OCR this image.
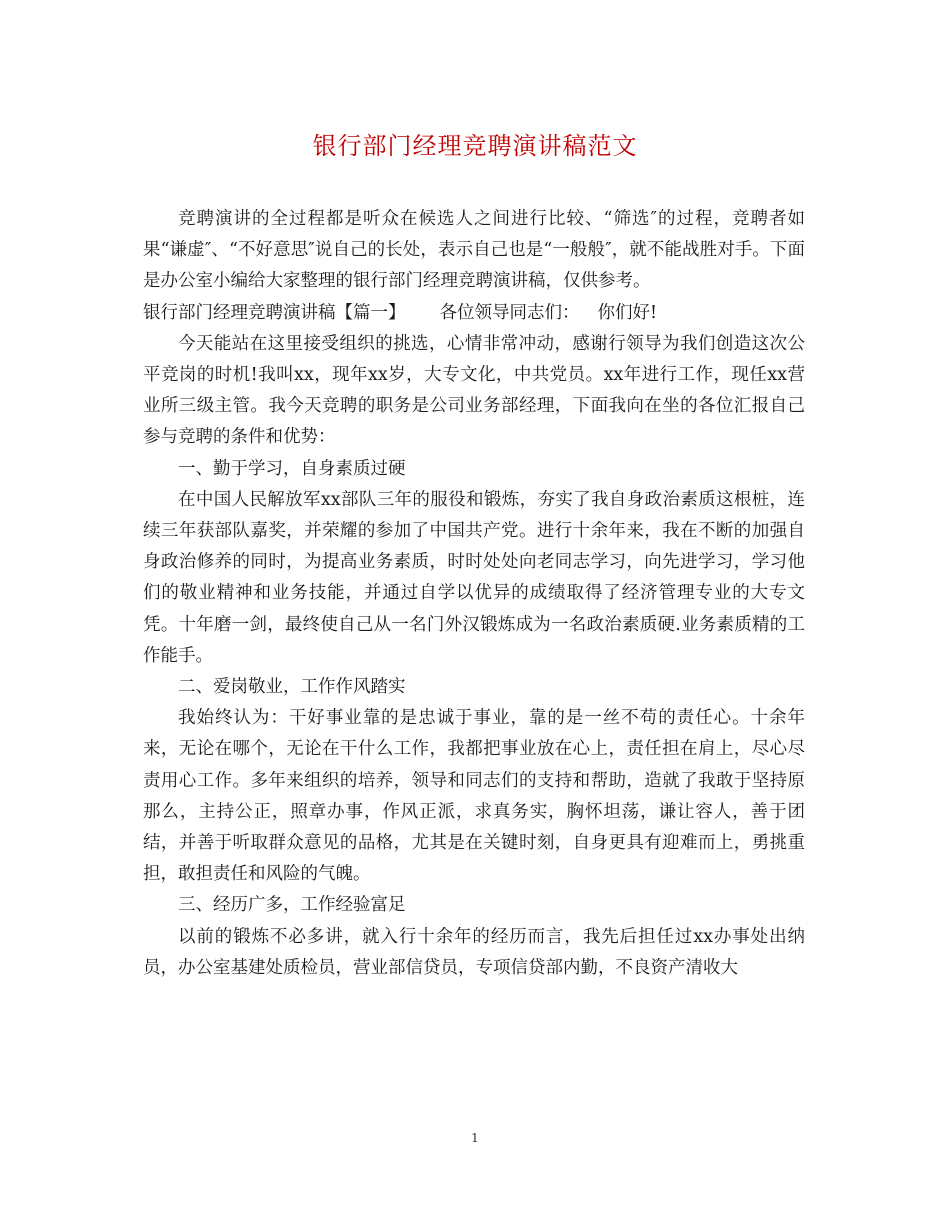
银行部门经理竞聘演讲稿范文

竞聘演讲的全过程都是听众在候选人之间进行比较、“筛选″的过程，竞聘者如果“谦虚″、“不好意思″说自己的长处，表示自己也是“一般般″，就不能战胜对手。下面是办公室小编给大家整理的银行部门经理竞聘演讲稿，仅供参考。

银行部门经理竞聘演讲稿【篇一】 各位领导同志们： 你们好!

今天能站在这里接受组织的挑选，心情非常冲动，感谢行领导为我们创造这次公平竞岗的时机!我叫xx，现年xx岁，大专文化，中共党员。xx年进行工作，现任xx营业所三级主管。我今天竞聘的职务是公司业务部经理，下面我向在坐的各位汇报自己参与竞聘的条件和优势：

一、勤于学习，自身素质过硬

在中国人民解放军xx部队三年的服役和锻炼，夯实了我自身政治素质这根桩，连续三年获部队嘉奖，并荣耀的参加了中国共产党。进行十余年来，我在不断的加强自身政治修养的同时，为提高业务素质，时时处处向老同志学习，向先进学习，学习他们的敬业精神和业务技能，并通过自学以优异的成绩取得了经济管理专业的大专文凭。十年磨一剑，最终使自己从一名门外汉锻炼成为一名政治素质硬.业务素质精的工作能手。

二、爱岗敬业，工作作风踏实

我始终认为：干好事业靠的是忠诚于事业，靠的是一丝不苟的责任心。十余年来，无论在哪个，无论在干什么工作，我都把事业放在心上，责任担在肩上，尽心尽责用心工作。多年来组织的培养，领导和同志们的支持和帮助，造就了我敢于坚持原那么，主持公正，照章办事，作风正派，求真务实，胸怀坦荡，谦让容人，善于团结，并善于听取群众意见的品格，尤其是在关键时刻，自身更具有迎难而上，勇挑重担，敢担责任和风险的气魄。

三、经历广多，工作经验富足

以前的锻炼不必多讲，就入行十余年的经历而言，我先后担任过xx办事处出纳员，办公室基建处质检员，营业部信贷员，专项信贷部内勤，不良资产清收大

1
